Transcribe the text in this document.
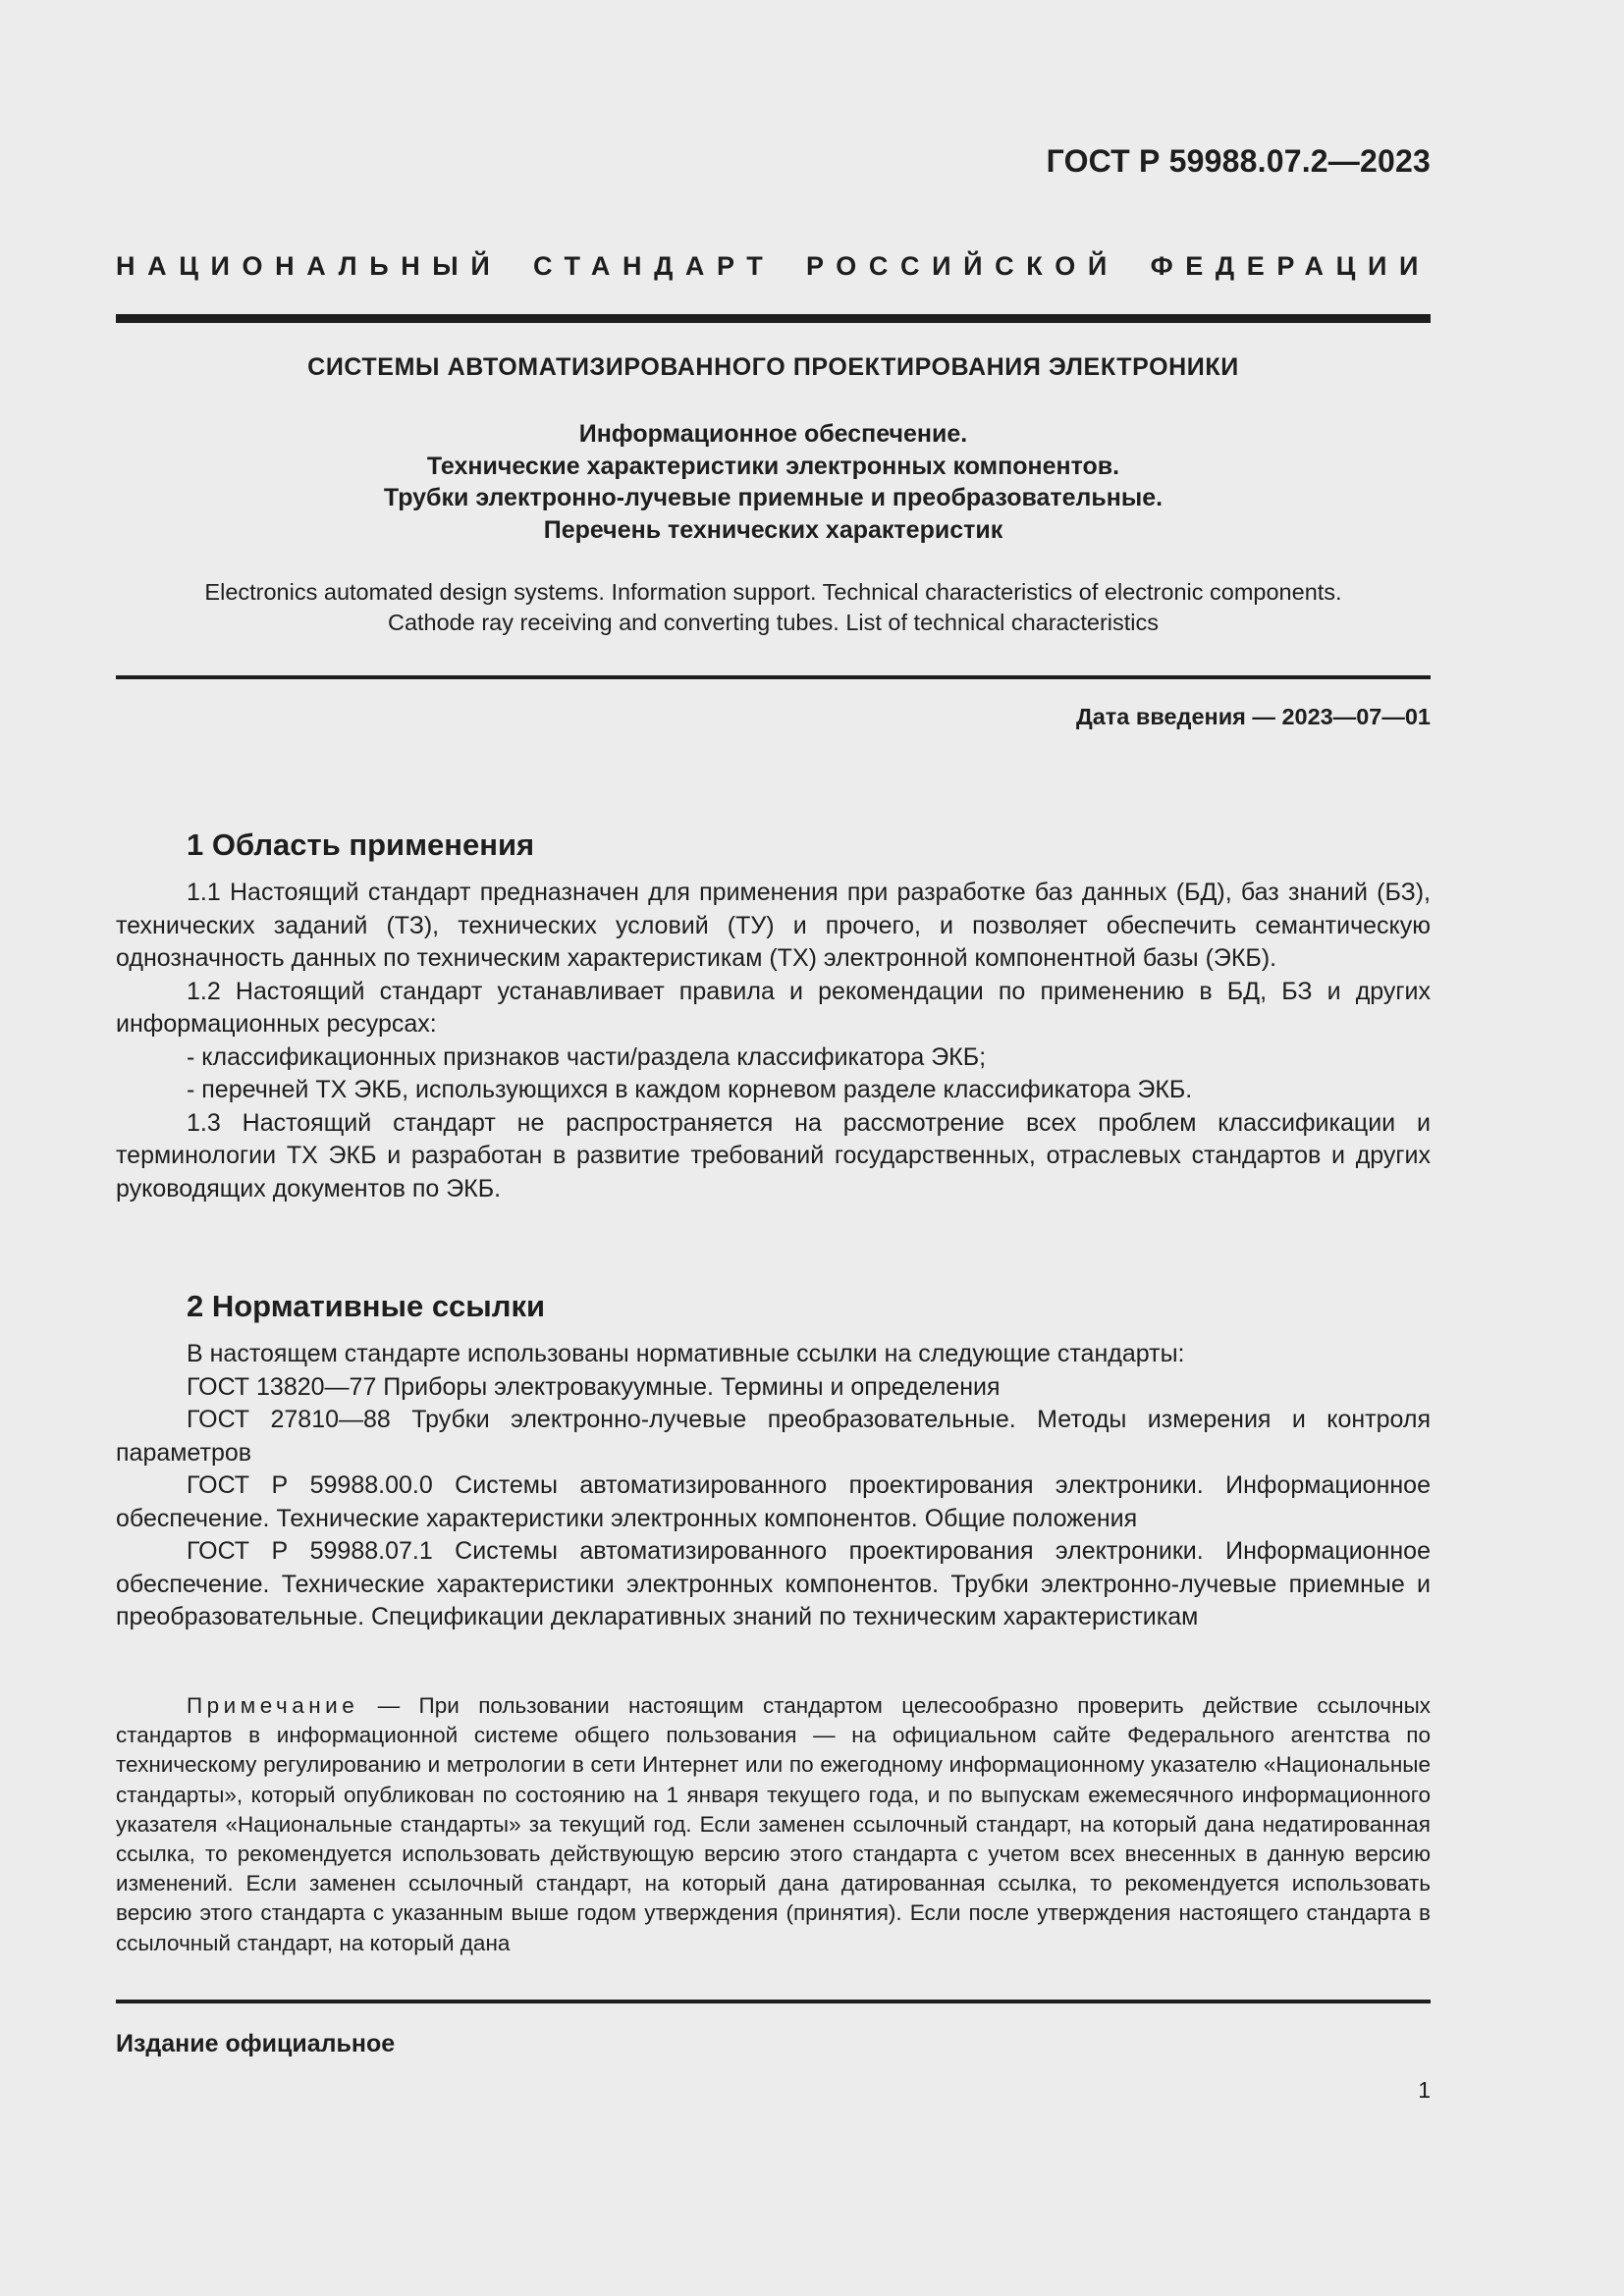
ГОСТ Р 59988.07.2—2023
НАЦИОНАЛЬНЫЙ СТАНДАРТ РОССИЙСКОЙ ФЕДЕРАЦИИ
СИСТЕМЫ АВТОМАТИЗИРОВАННОГО ПРОЕКТИРОВАНИЯ ЭЛЕКТРОНИКИ
Информационное обеспечение.
Технические характеристики электронных компонентов.
Трубки электронно-лучевые приемные и преобразовательные.
Перечень технических характеристик
Electronics automated design systems. Information support. Technical characteristics of electronic components.
Cathode ray receiving and converting tubes. List of technical characteristics
Дата введения — 2023—07—01
1 Область применения

1.1 Настоящий стандарт предназначен для применения при разработке баз данных (БД), баз знаний (БЗ), технических заданий (ТЗ), технических условий (ТУ) и прочего, и позволяет обеспечить семантическую однозначность данных по техническим характеристикам (ТХ) электронной компонентной базы (ЭКБ).

1.2 Настоящий стандарт устанавливает правила и рекомендации по применению в БД, БЗ и других информационных ресурсах:

- классификационных признаков части/раздела классификатора ЭКБ;
- перечней ТХ ЭКБ, использующихся в каждом корневом разделе классификатора ЭКБ.

1.3 Настоящий стандарт не распространяется на рассмотрение всех проблем классификации и терминологии ТХ ЭКБ и разработан в развитие требований государственных, отраслевых стандартов и других руководящих документов по ЭКБ.

2 Нормативные ссылки

В настоящем стандарте использованы нормативные ссылки на следующие стандарты:

ГОСТ 13820—77 Приборы электровакуумные. Термины и определения

ГОСТ 27810—88 Трубки электронно-лучевые преобразовательные. Методы измерения и контроля параметров

ГОСТ Р 59988.00.0 Системы автоматизированного проектирования электроники. Информационное обеспечение. Технические характеристики электронных компонентов. Общие положения

ГОСТ Р 59988.07.1 Системы автоматизированного проектирования электроники. Информационное обеспечение. Технические характеристики электронных компонентов. Трубки электронно-лучевые приемные и преобразовательные. Спецификации декларативных знаний по техническим характеристикам

Примечание — При пользовании настоящим стандартом целесообразно проверить действие ссылочных стандартов в информационной системе общего пользования — на официальном сайте Федерального агентства по техническому регулированию и метрологии в сети Интернет или по ежегодному информационному указателю «Национальные стандарты», который опубликован по состоянию на 1 января текущего года, и по выпускам ежемесячного информационного указателя «Национальные стандарты» за текущий год. Если заменен ссылочный стандарт, на который дана недатированная ссылка, то рекомендуется использовать действующую версию этого стандарта с учетом всех внесенных в данную версию изменений. Если заменен ссылочный стандарт, на который дана датированная ссылка, то рекомендуется использовать версию этого стандарта с указанным выше годом утверждения (принятия). Если после утверждения настоящего стандарта в ссылочный стандарт, на который дана

Издание официальное
1
